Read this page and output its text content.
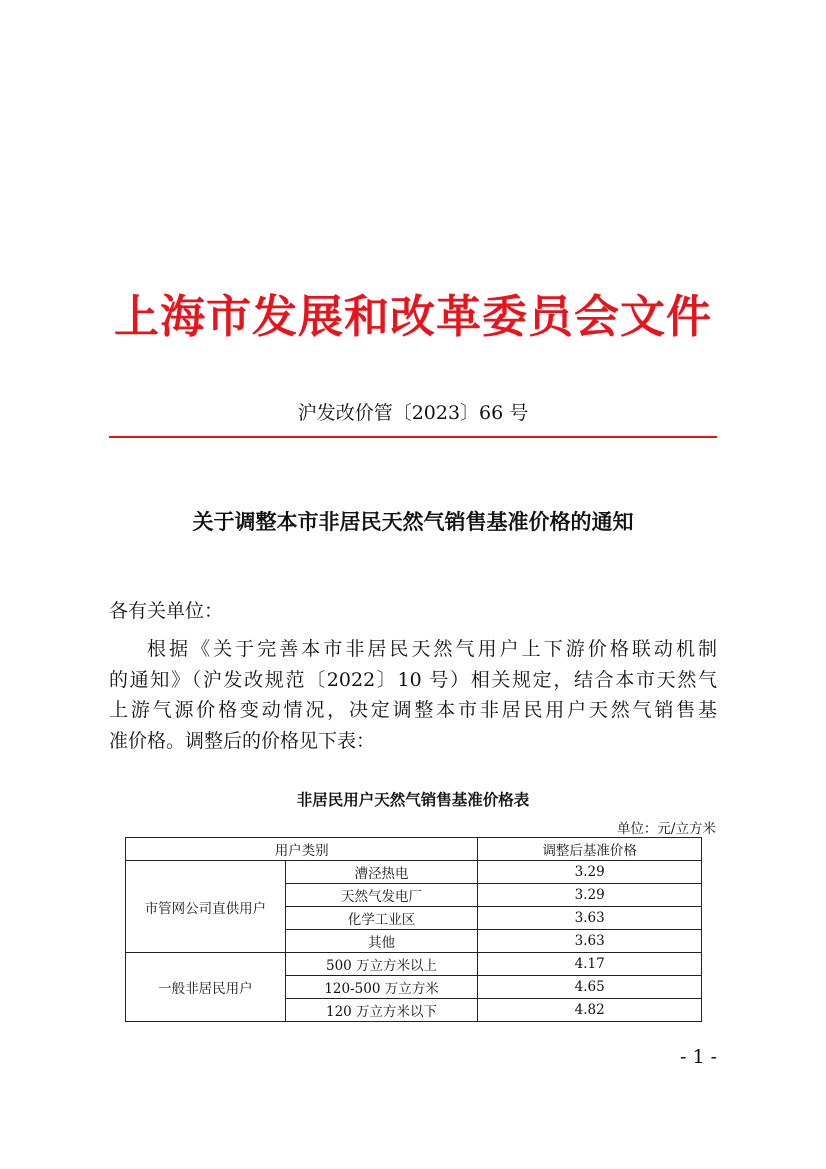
上海市发展和改革委员会文件
沪发改价管〔2023〕66 号
关于调整本市非居民天然气销售基准价格的通知
各有关单位：
根据《关于完善本市非居民天然气用户上下游价格联动机制
的通知》（沪发改规范〔2022〕10 号）相关规定，结合本市天然气
上游气源价格变动情况，决定调整本市非居民用户天然气销售基
准价格。调整后的价格见下表：
非居民用户天然气销售基准价格表
单位：元/立方米
用户类别		调整后基准价格
市管网公司直供用户	漕泾热电	3.29
	天然气发电厂	3.29
	化学工业区	3.63
	其他	3.63
一般非居民用户	500 万立方米以上	4.17
	120-500 万立方米	4.65
	120 万立方米以下	4.82
- 1 -
